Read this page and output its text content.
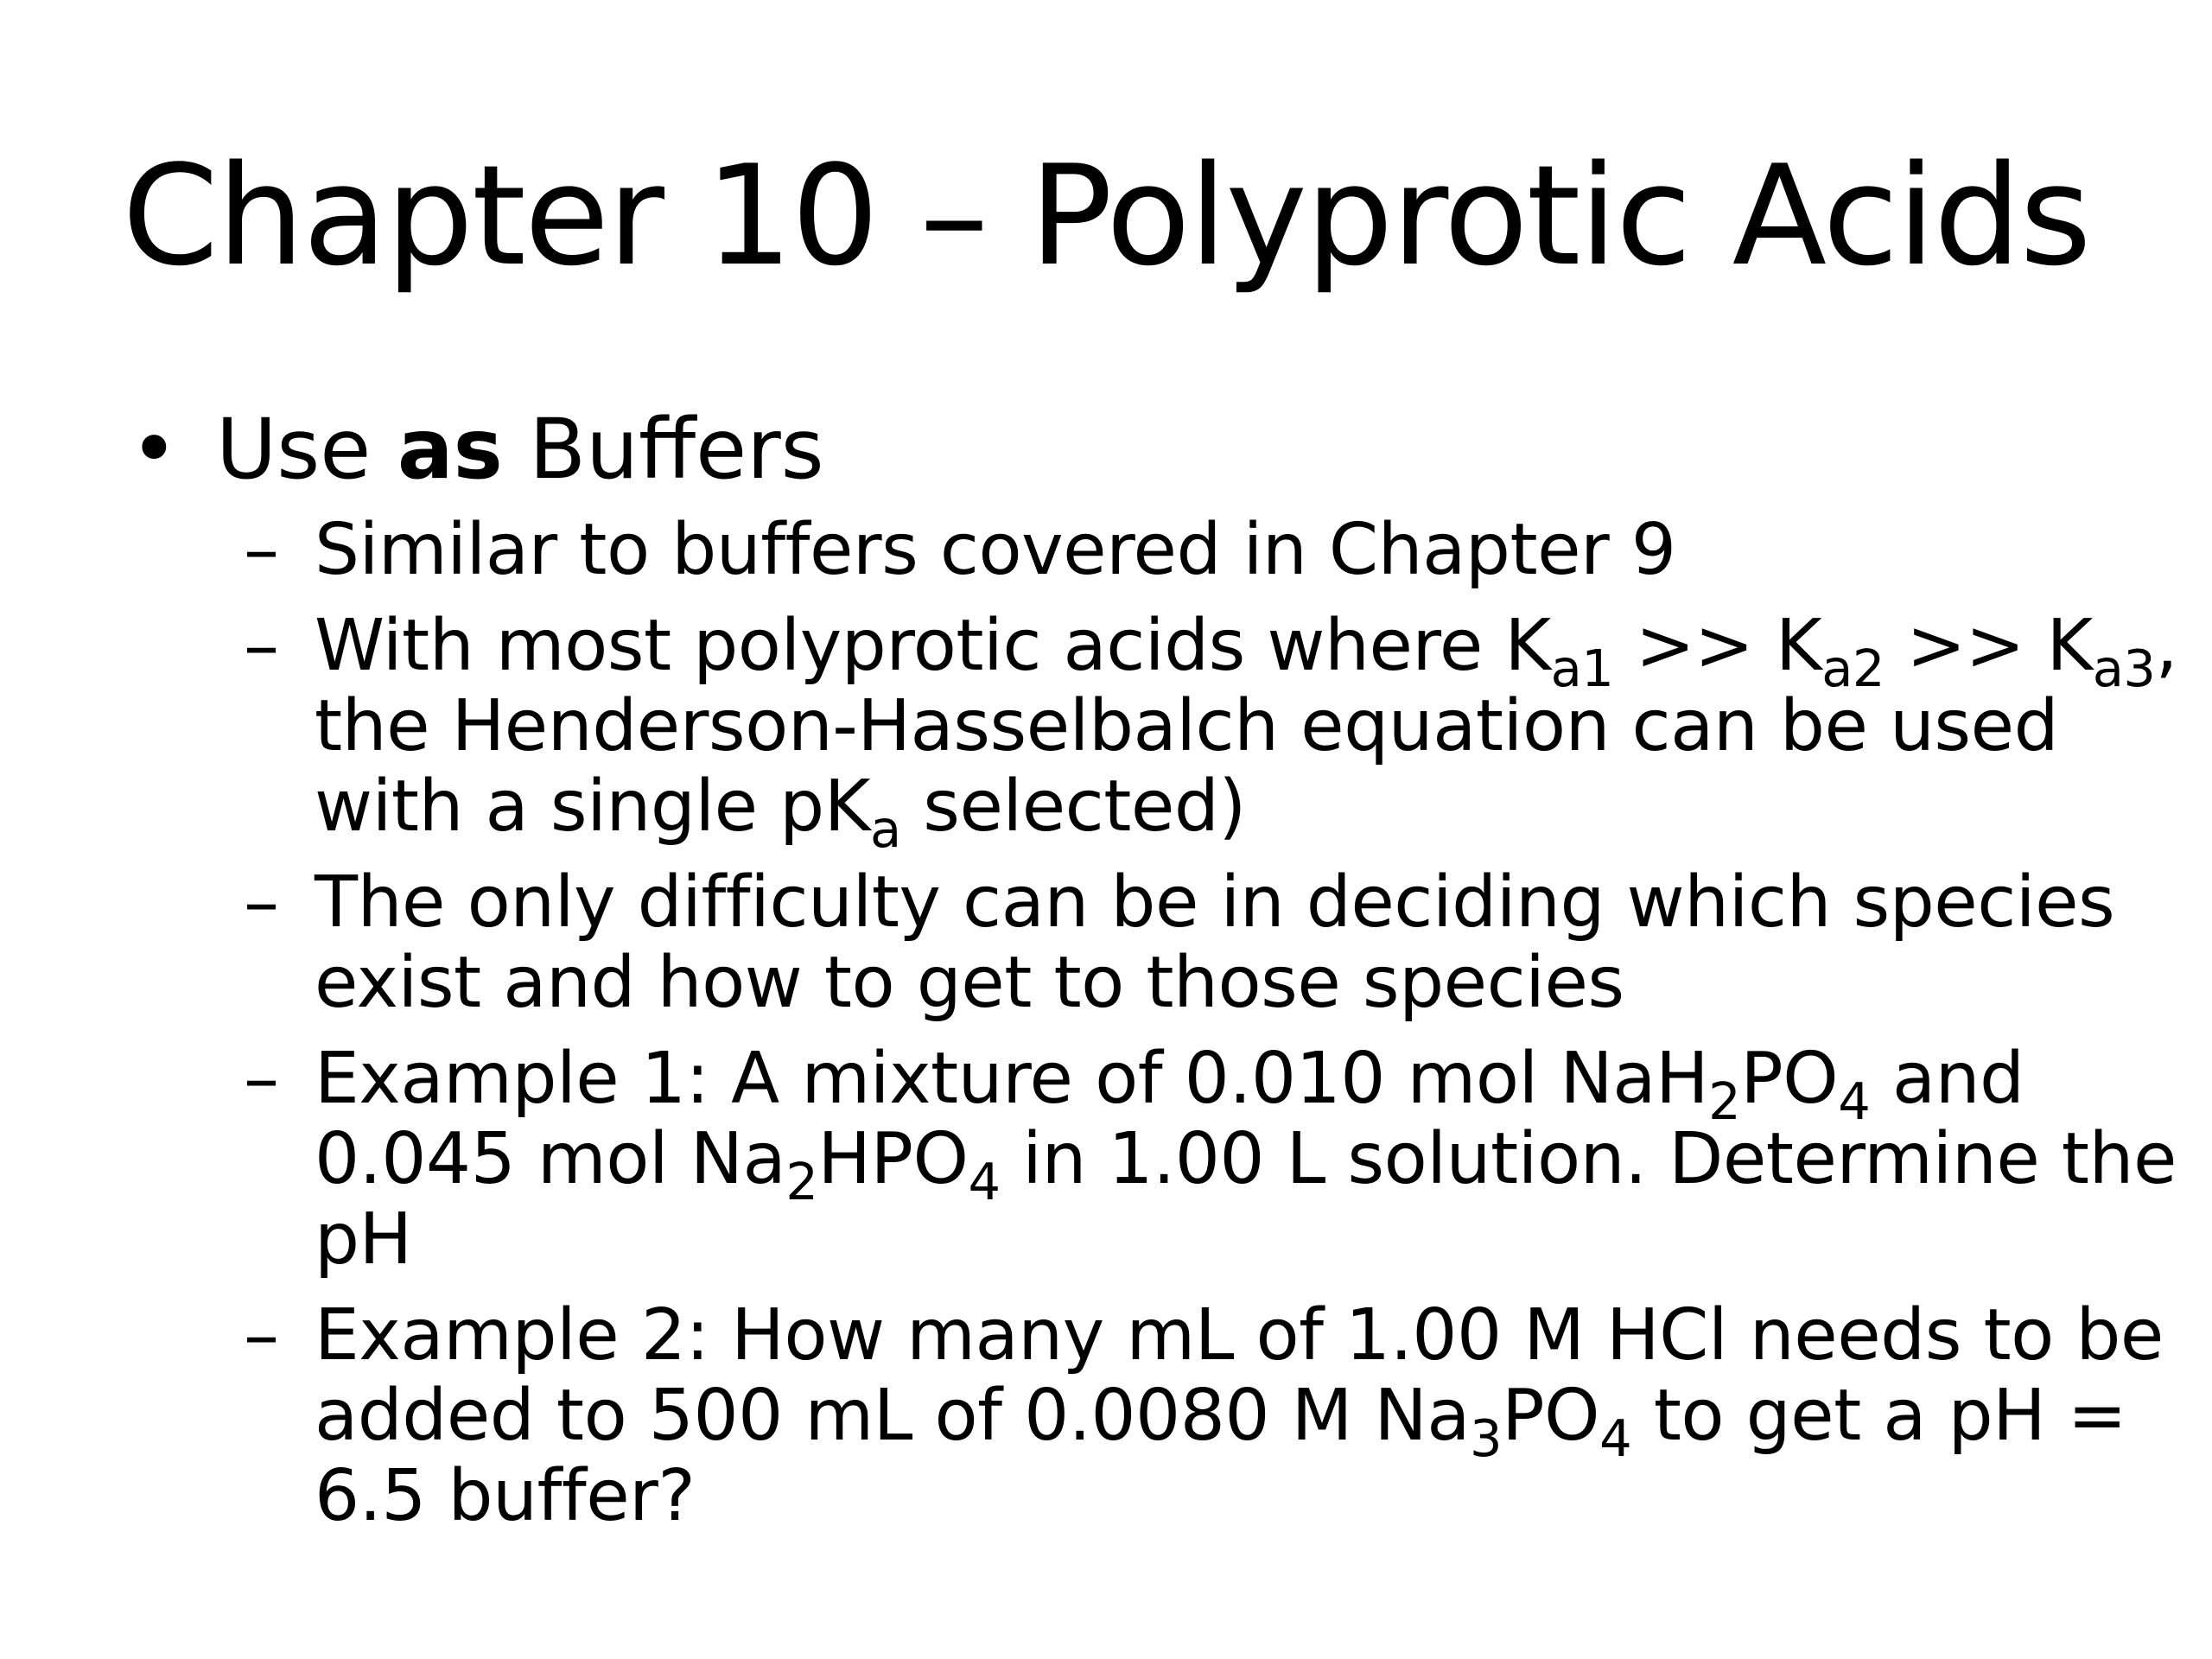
Chapter 10 – Polyprotic Acids
• Use as Buffers
– Similar to buffers covered in Chapter 9
– With most polyprotic acids where $K_{a1} >> K_{a2} >> K_{a3}$,
the Henderson-Hasselbalch equation can be used
with a single $pK_a$ selected)
– The only difficulty can be in deciding which species
exist and how to get to those species
– Example 1: A mixture of 0.010 mol $NaH_2PO_4$ and
0.045 mol $Na_2HPO_4$ in 1.00 L solution. Determine the
pH
– Example 2: How many mL of 1.00 M HCl needs to be
added to 500 mL of 0.0080 M $Na_3PO_4$ to get a pH =
6.5 buffer?
